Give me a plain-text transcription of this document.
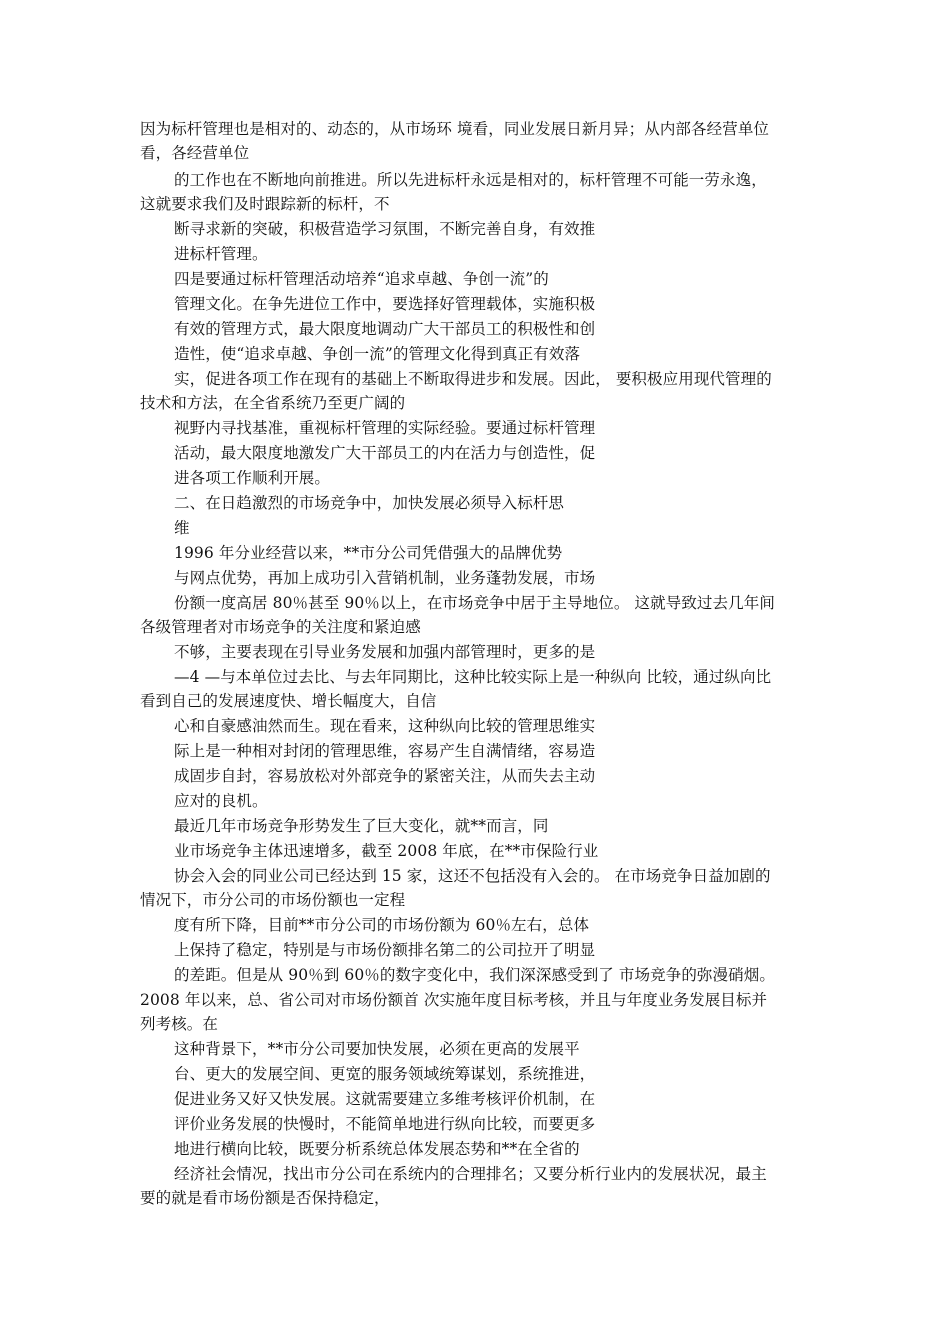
因为标杆管理也是相对的、动态的，从市场环 境看，同业发展日新月异；从内部各经营单位
看，各经营单位
的工作也在不断地向前推进。所以先进标杆永远是相对的，标杆管理不可能一劳永逸，
这就要求我们及时跟踪新的标杆，不
断寻求新的突破，积极营造学习氛围，不断完善自身，有效推
进标杆管理。
四是要通过标杆管理活动培养“追求卓越、争创一流”的
管理文化。在争先进位工作中，要选择好管理载体，实施积极
有效的管理方式，最大限度地调动广大干部员工的积极性和创
造性，使“追求卓越、争创一流”的管理文化得到真正有效落
实，促进各项工作在现有的基础上不断取得进步和发展。因此， 要积极应用现代管理的
技术和方法，在全省系统乃至更广阔的
视野内寻找基准，重视标杆管理的实际经验。要通过标杆管理
活动，最大限度地激发广大干部员工的内在活力与创造性，促
进各项工作顺利开展。
二、在日趋激烈的市场竞争中，加快发展必须导入标杆思
维
1996 年分业经营以来，**市分公司凭借强大的品牌优势
与网点优势，再加上成功引入营销机制，业务蓬勃发展，市场
份额一度高居 80％甚至 90％以上，在市场竞争中居于主导地位。 这就导致过去几年间
各级管理者对市场竞争的关注度和紧迫感
不够，主要表现在引导业务发展和加强内部管理时，更多的是
—4 —与本单位过去比、与去年同期比，这种比较实际上是一种纵向 比较，通过纵向比
看到自己的发展速度快、增长幅度大，自信
心和自豪感油然而生。现在看来，这种纵向比较的管理思维实
际上是一种相对封闭的管理思维，容易产生自满情绪，容易造
成固步自封，容易放松对外部竞争的紧密关注，从而失去主动
应对的良机。
最近几年市场竞争形势发生了巨大变化，就**而言，同
业市场竞争主体迅速增多，截至 2008 年底，在**市保险行业
协会入会的同业公司已经达到 15 家，这还不包括没有入会的。 在市场竞争日益加剧的
情况下，市分公司的市场份额也一定程
度有所下降，目前**市分公司的市场份额为 60％左右，总体
上保持了稳定，特别是与市场份额排名第二的公司拉开了明显
的差距。但是从 90％到 60％的数字变化中，我们深深感受到了 市场竞争的弥漫硝烟。
2008 年以来，总、省公司对市场份额首 次实施年度目标考核，并且与年度业务发展目标并
列考核。在
这种背景下，**市分公司要加快发展，必须在更高的发展平
台、更大的发展空间、更宽的服务领域统筹谋划，系统推进，
促进业务又好又快发展。这就需要建立多维考核评价机制，在
评价业务发展的快慢时，不能简单地进行纵向比较，而要更多
地进行横向比较，既要分析系统总体发展态势和**在全省的
经济社会情况，找出市分公司在系统内的合理排名；又要分析行业内的发展状况，最主
要的就是看市场份额是否保持稳定，
